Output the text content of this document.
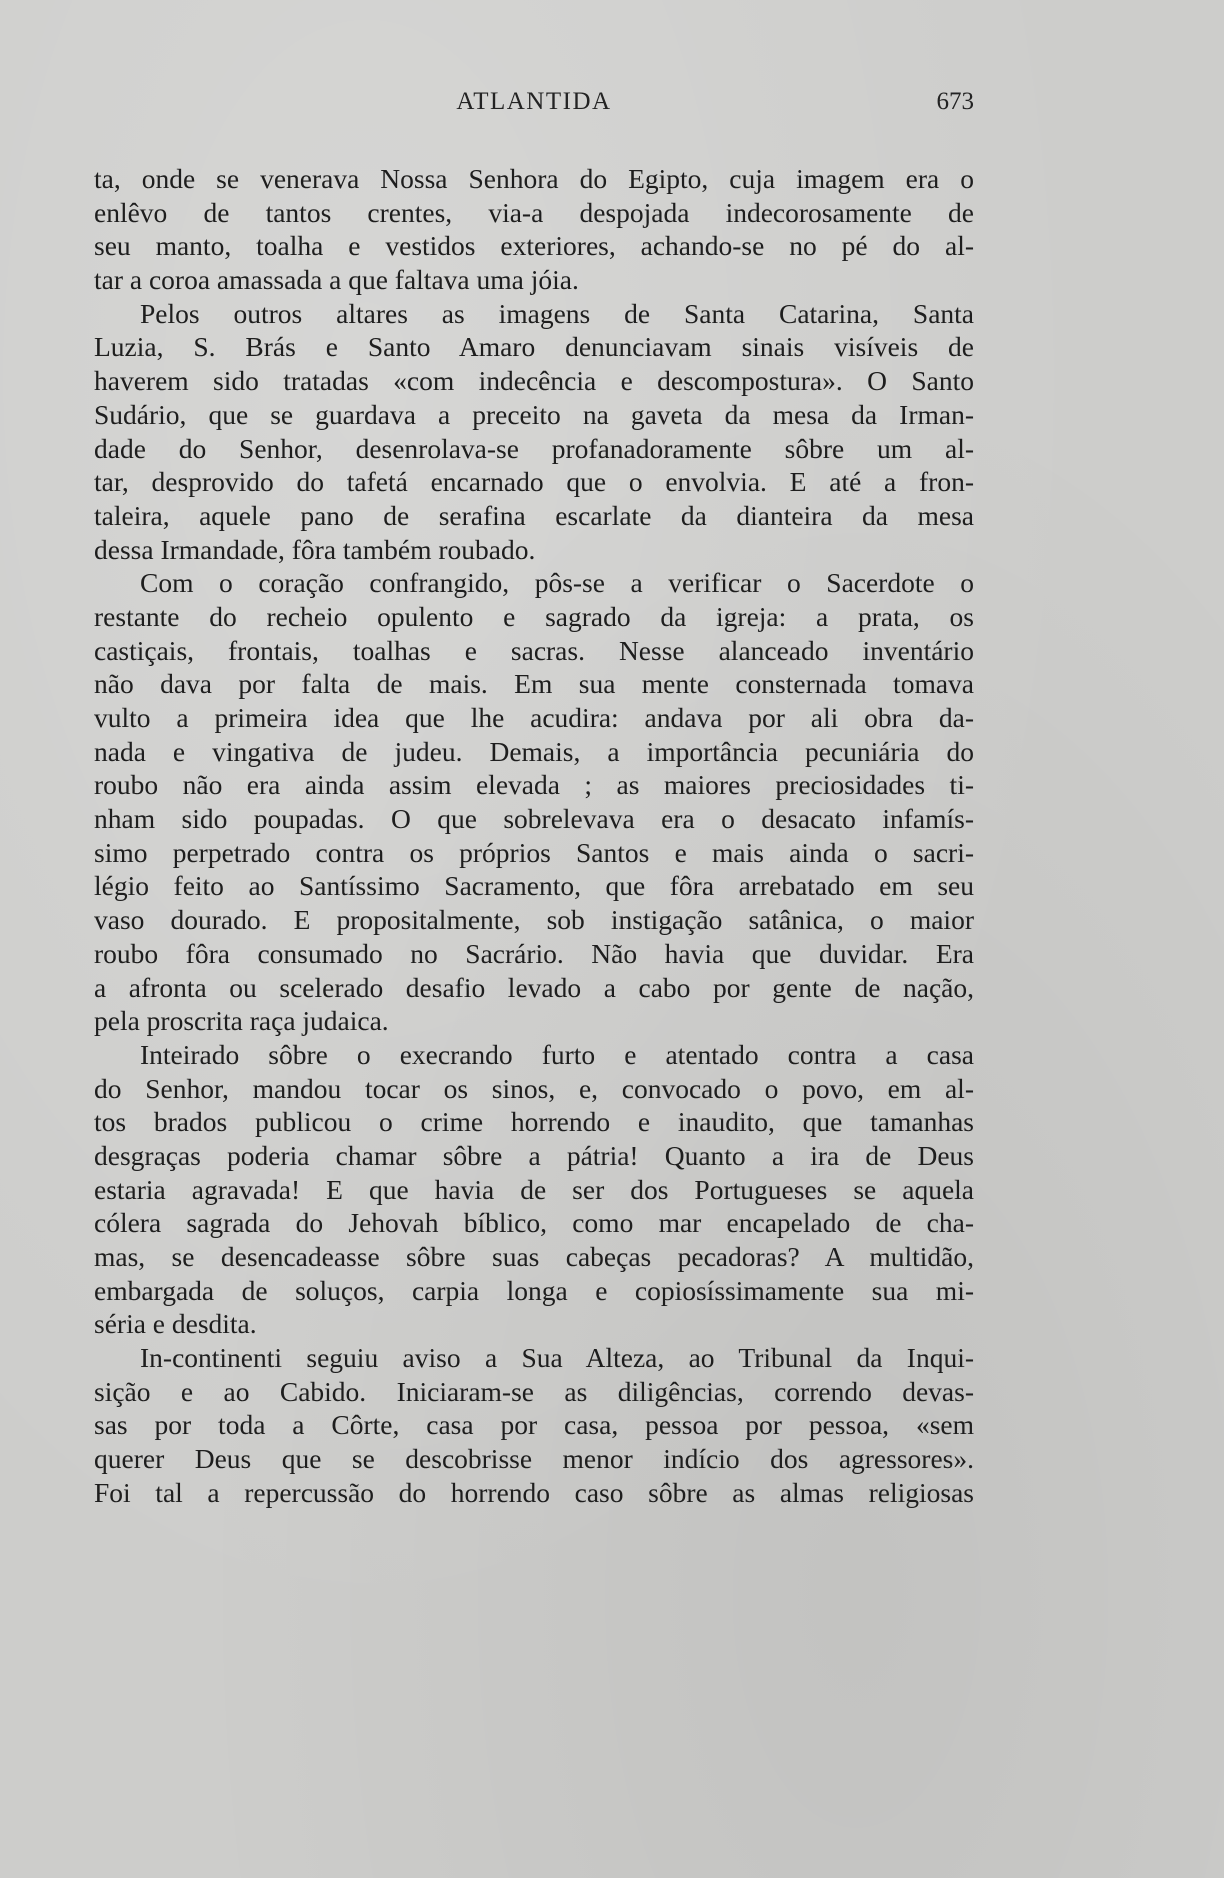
ATLANTIDA	673
ta, onde se venerava Nossa Senhora do Egipto, cuja imagem era o
enlêvo de tantos crentes, via-a despojada indecorosamente de
seu manto, toalha e vestidos exteriores, achando-se no pé do al-
tar a coroa amassada a que faltava uma jóia.
Pelos outros altares as imagens de Santa Catarina, Santa
Luzia, S. Brás e Santo Amaro denunciavam sinais visíveis de
haverem sido tratadas «com indecência e descompostura». O Santo
Sudário, que se guardava a preceito na gaveta da mesa da Irman-
dade do Senhor, desenrolava-se profanadoramente sôbre um al-
tar, desprovido do tafetá encarnado que o envolvia. E até a fron-
taleira, aquele pano de serafina escarlate da dianteira da mesa
dessa Irmandade, fôra também roubado.
Com o coração confrangido, pôs-se a verificar o Sacerdote o
restante do recheio opulento e sagrado da igreja: a prata, os
castiçais, frontais, toalhas e sacras. Nesse alanceado inventário
não dava por falta de mais. Em sua mente consternada tomava
vulto a primeira idea que lhe acudira: andava por ali obra da-
nada e vingativa de judeu. Demais, a importância pecuniária do
roubo não era ainda assim elevada ; as maiores preciosidades ti-
nham sido poupadas. O que sobrelevava era o desacato infamís-
simo perpetrado contra os próprios Santos e mais ainda o sacri-
légio feito ao Santíssimo Sacramento, que fôra arrebatado em seu
vaso dourado. E propositalmente, sob instigação satânica, o maior
roubo fôra consumado no Sacrário. Não havia que duvidar. Era
a afronta ou scelerado desafio levado a cabo por gente de nação,
pela proscrita raça judaica.
Inteirado sôbre o execrando furto e atentado contra a casa
do Senhor, mandou tocar os sinos, e, convocado o povo, em al-
tos brados publicou o crime horrendo e inaudito, que tamanhas
desgraças poderia chamar sôbre a pátria! Quanto a ira de Deus
estaria agravada! E que havia de ser dos Portugueses se aquela
cólera sagrada do Jehovah bíblico, como mar encapelado de cha-
mas, se desencadeasse sôbre suas cabeças pecadoras? A multidão,
embargada de soluços, carpia longa e copiosíssimamente sua mi-
séria e desdita.
In-continenti seguiu aviso a Sua Alteza, ao Tribunal da Inqui-
sição e ao Cabido. Iniciaram-se as diligências, correndo devas-
sas por toda a Côrte, casa por casa, pessoa por pessoa, «sem
querer Deus que se descobrisse menor indício dos agressores».
Foi tal a repercussão do horrendo caso sôbre as almas religiosas
